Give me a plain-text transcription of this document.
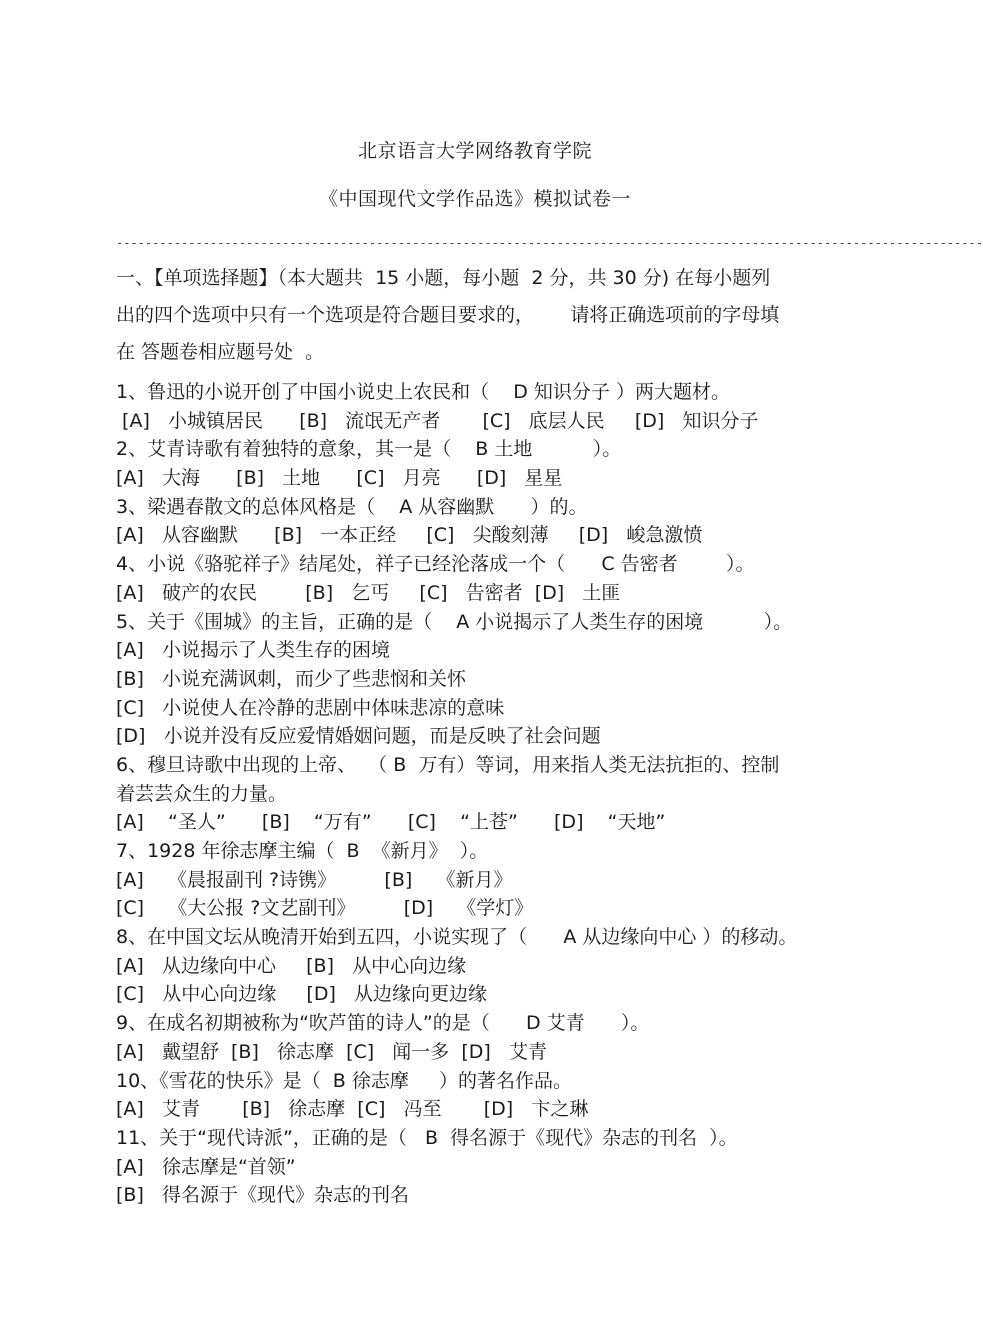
北京语言大学网络教育学院
《中国现代文学作品选》模拟试卷一
------------------------------------------------------------------------------------------------------------------------
一、【单项选择题】（本大题共  15 小题，每小题  2 分，共 30 分) 在每小题列
出的四个选项中只有一个选项是符合题目要求的，      请将正确选项前的字母填
在 答题卷相应题号处  。
1、鲁迅的小说开创了中国小说史上农民和（    D 知识分子 ）两大题材。
[A]   小城镇居民      [B]   流氓无产者       [C]   底层人民     [D]   知识分子
2、艾青诗歌有着独特的意象，其一是（    B 土地          ）。
[A]   大海      [B]   土地      [C]   月亮      [D]   星星
3、梁遇春散文的总体风格是（    A 从容幽默      ）的。
[A]   从容幽默      [B]   一本正经     [C]   尖酸刻薄     [D]   峻急激愤
4、小说《骆驼祥子》结尾处，祥子已经沦落成一个（      C 告密者        ）。
[A]   破产的农民        [B]   乞丐     [C]   告密者  [D]   土匪
5、关于《围城》的主旨，正确的是（    A 小说揭示了人类生存的困境          ）。
[A]   小说揭示了人类生存的困境
[B]   小说充满讽刺，而少了些悲悯和关怀
[C]   小说使人在冷静的悲剧中体味悲凉的意味
[D]   小说并没有反应爱情婚姻问题，而是反映了社会问题
6、穆旦诗歌中出现的上帝、  （ B  万有）等词，用来指人类无法抗拒的、控制
着芸芸众生的力量。
[A]    “圣人”      [B]    “万有”      [C]    “上苍”      [D]    “天地”
7、1928 年徐志摩主编（  B  《新月》  ）。
[A]    《晨报副刊 ?诗镌》        [B]    《新月》
[C]    《大公报 ?文艺副刊》        [D]    《学灯》
8、在中国文坛从晚清开始到五四，小说实现了（      A 从边缘向中心 ）的移动。
[A]   从边缘向中心     [B]   从中心向边缘
[C]   从中心向边缘     [D]   从边缘向更边缘
9、在成名初期被称为“吹芦笛的诗人”的是（      D 艾青      ）。
[A]   戴望舒  [B]   徐志摩  [C]   闻一多  [D]   艾青
10、《雪花的快乐》是（  B 徐志摩     ）的著名作品。
[A]   艾青       [B]   徐志摩  [C]   冯至       [D]   卞之琳
11、关于“现代诗派”，正确的是（   B  得名源于《现代》杂志的刊名  ）。
[A]   徐志摩是“首领”
[B]   得名源于《现代》杂志的刊名
